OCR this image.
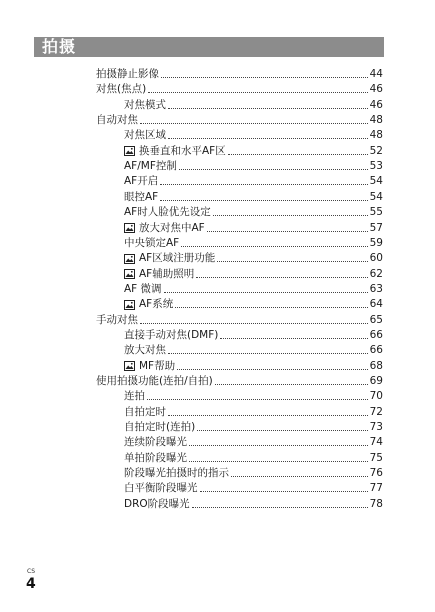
拍摄
拍摄静止影像	44
对焦(焦点)	46
对焦模式	46
自动对焦	48
对焦区域	48
换垂直和水平AF区	52
AF/MF控制	53
AF开启	54
眼控AF	54
AF时人脸优先设定	55
放大对焦中AF	57
中央锁定AF	59
AF区域注册功能	60
AF辅助照明	62
AF 微调	63
AF系统	64
手动对焦	65
直接手动对焦(DMF)	66
放大对焦	66
MF帮助	68
使用拍摄功能(连拍/自拍)	69
连拍	70
自拍定时	72
自拍定时(连拍)	73
连续阶段曝光	74
单拍阶段曝光	75
阶段曝光拍摄时的指示	76
白平衡阶段曝光	77
DRO阶段曝光	78
CS
4
